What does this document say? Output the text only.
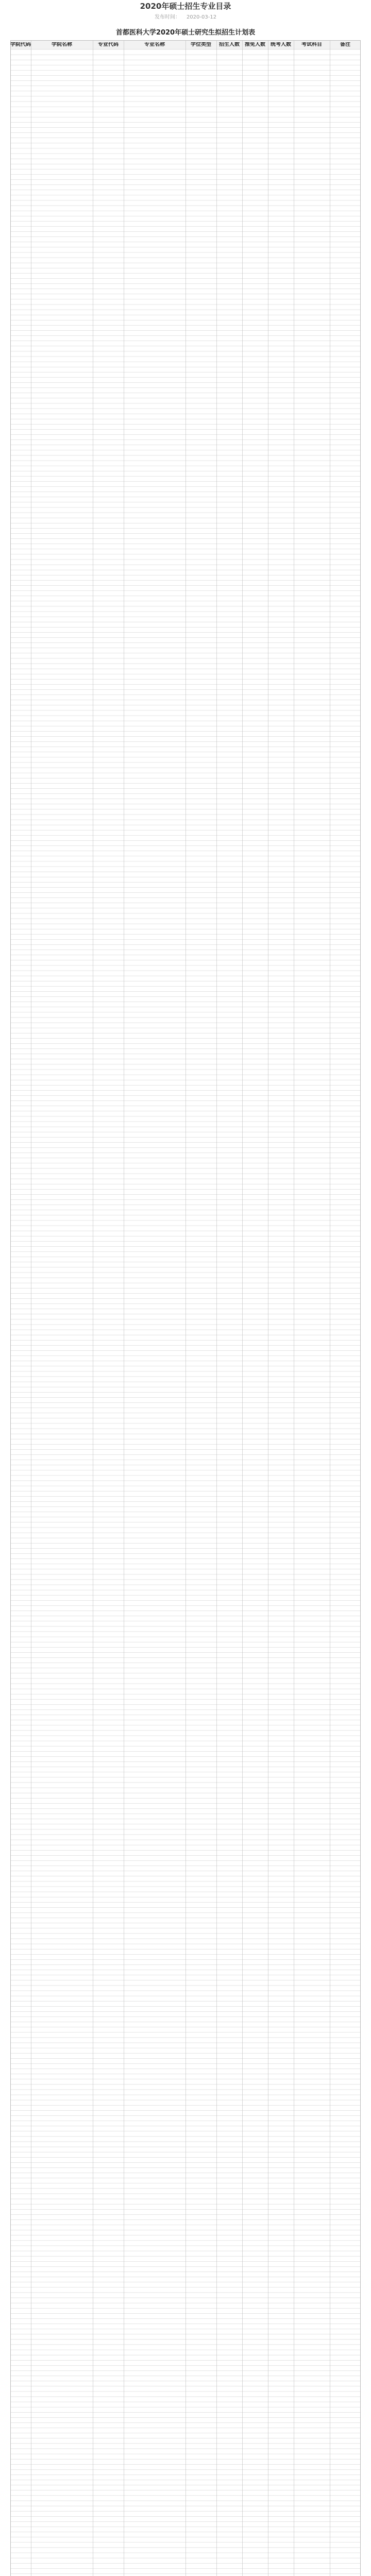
2020年硕士招生专业目录
发布时间： 2020-03-12
首都医科大学2020年硕士研究生拟招生计划表
学院代码	学院名称	专业代码	专业名称	学位类型	招生人数	推免人数	统考人数	考试科目	备注
